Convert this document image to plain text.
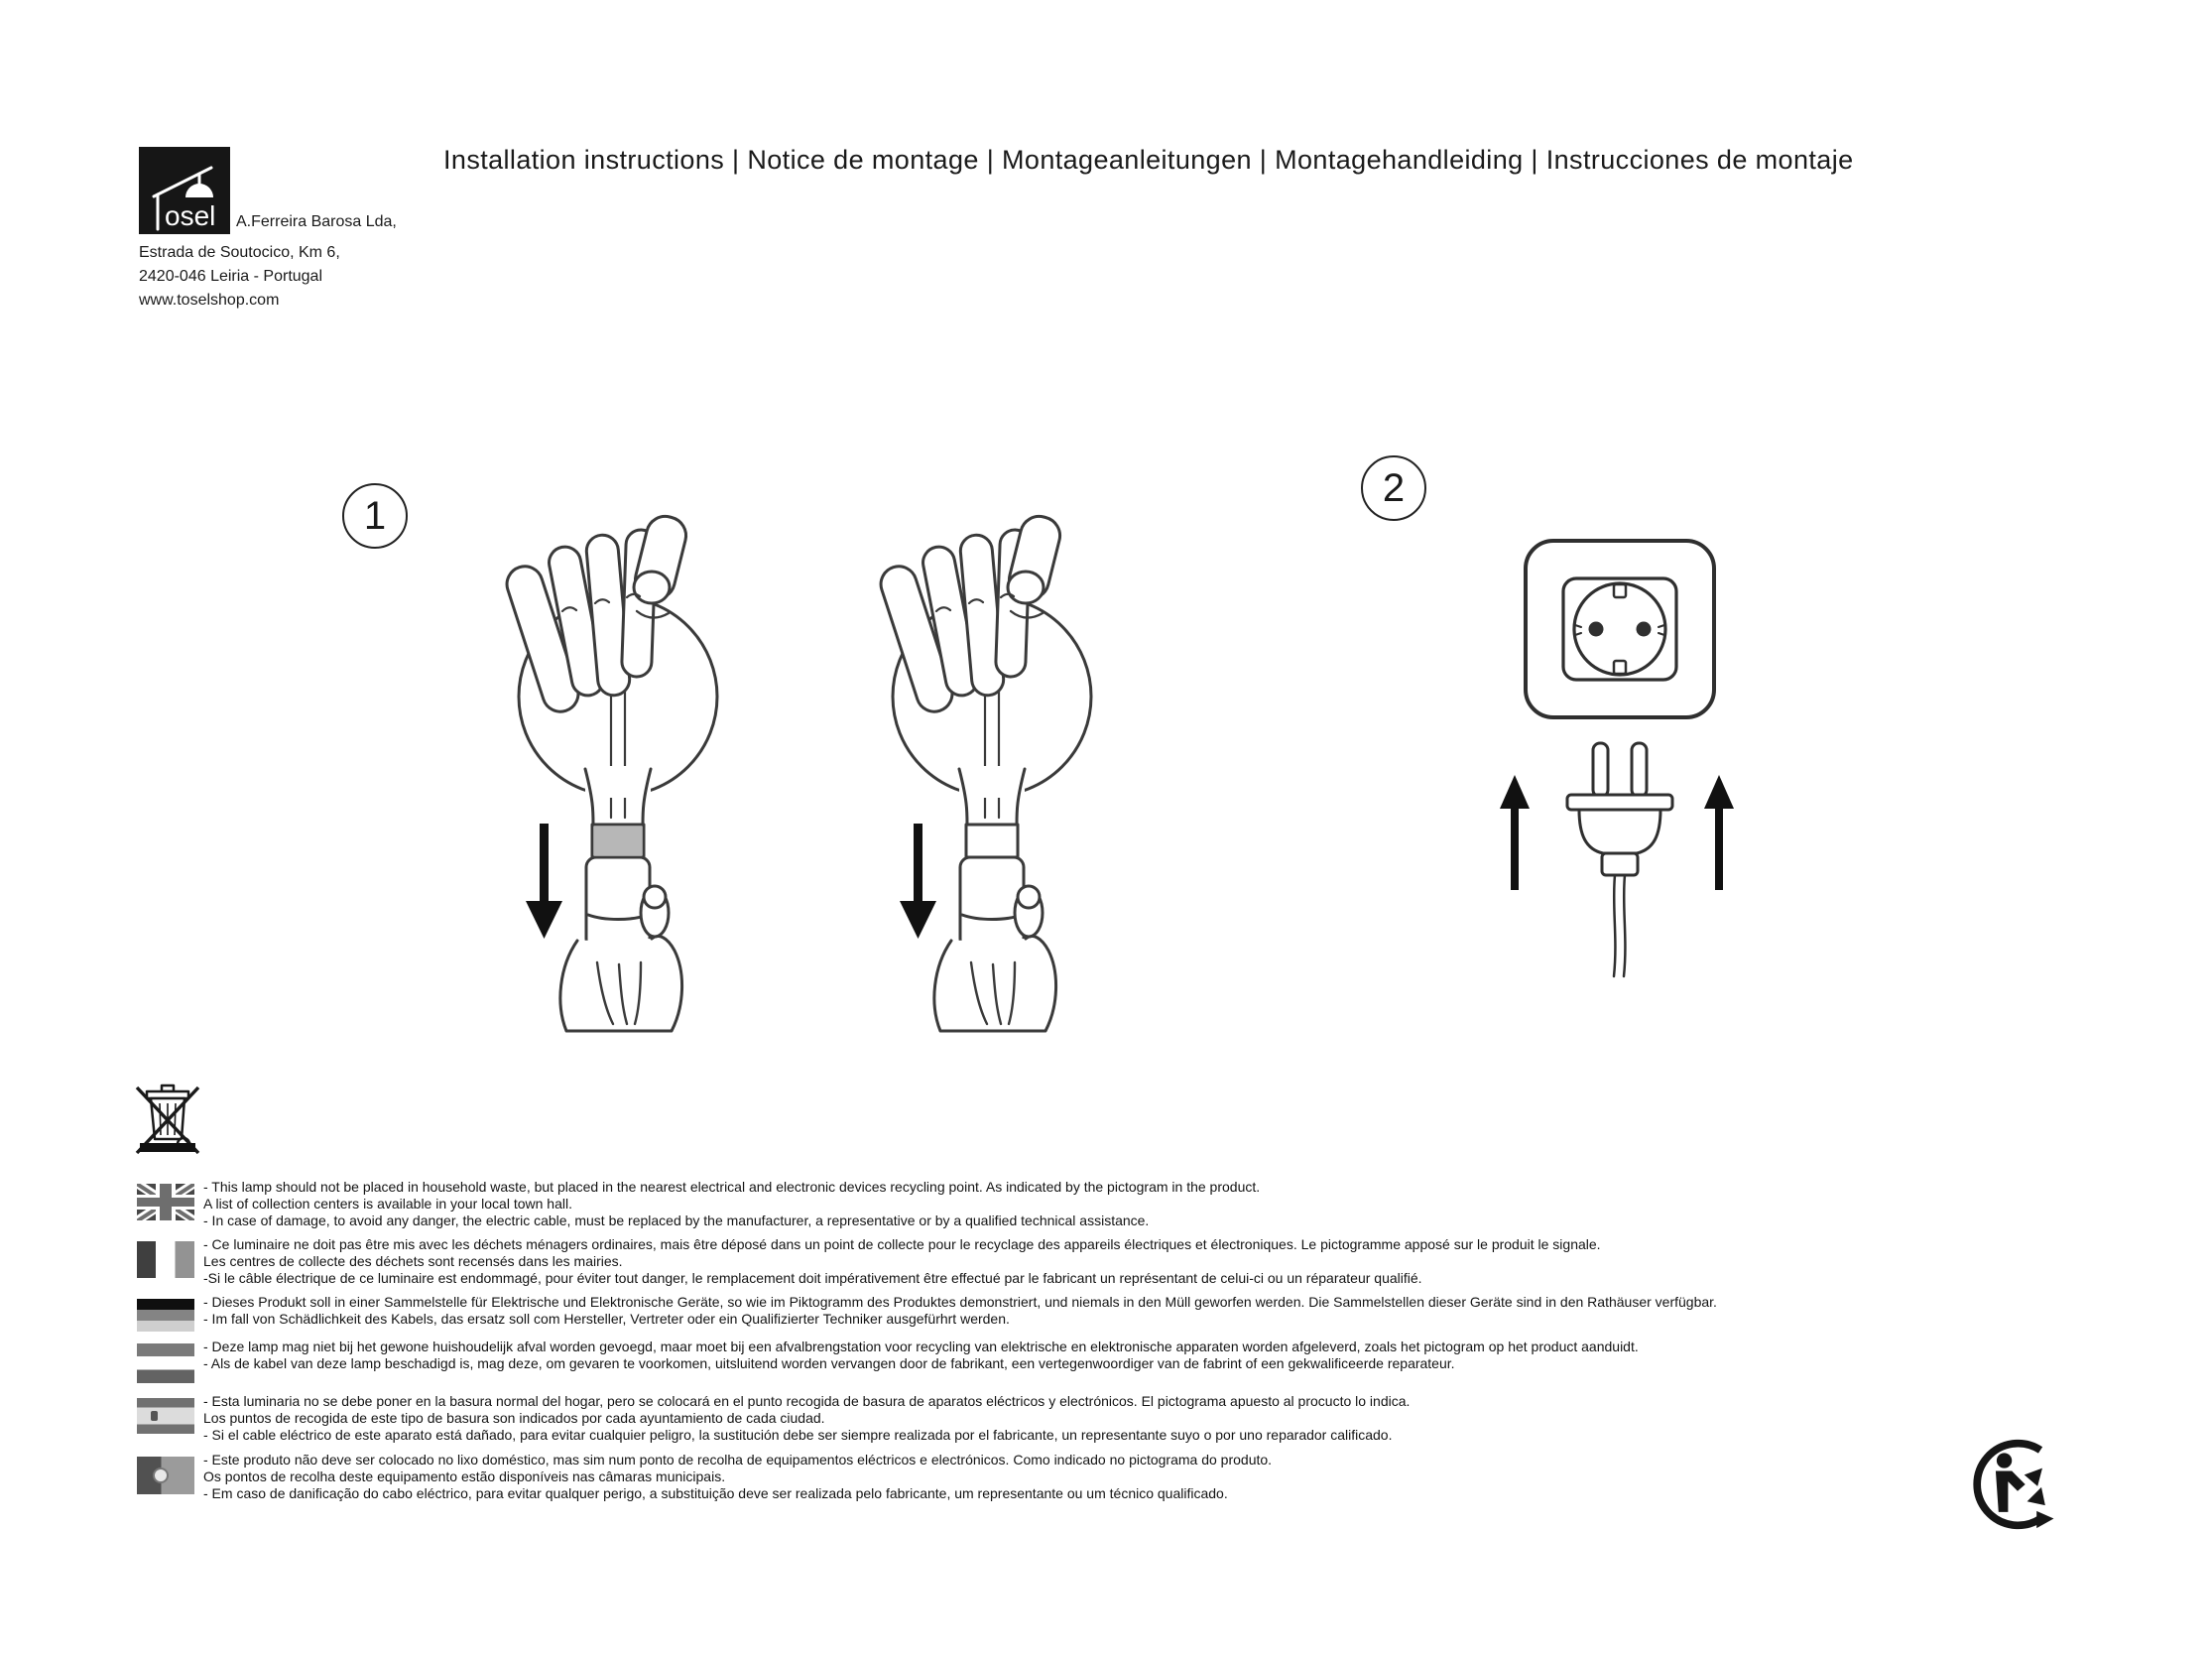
Installation instructions | Notice de montage | Montageanleitungen | Montagehandleiding | Instrucciones de montaje
osel A.Ferreira Barosa Lda,
Estrada de Soutocico, Km 6,
2420-046 Leiria - Portugal
www.toselshop.com
1
2
- This lamp should not be placed in household waste, but placed in the nearest electrical and electronic devices recycling point. As indicated by the pictogram in the product.
A list of collection centers is available in your local town hall.
- In case of damage, to avoid any danger, the electric cable, must be replaced by the manufacturer, a representative or by a qualified technical assistance.
- Ce luminaire ne doit pas être mis avec les déchets ménagers ordinaires, mais être déposé dans un point de collecte pour le recyclage des appareils électriques et électroniques. Le pictogramme apposé sur le produit le signale.
Les centres de collecte des déchets sont recensés dans les mairies.
-Si le câble électrique de ce luminaire est endommagé, pour éviter tout danger, le remplacement doit impérativement être effectué par le fabricant un représentant de celui-ci ou un réparateur qualifié.
- Dieses Produkt soll in einer Sammelstelle für Elektrische und Elektronische Geräte, so wie im Piktogramm des Produktes demonstriert, und niemals in den Müll geworfen werden. Die Sammelstellen dieser Geräte sind in den Rathäuser verfügbar.
- Im fall von Schädlichkeit des Kabels, das ersatz soll com Hersteller, Vertreter oder ein Qualifizierter Techniker ausgefürhrt werden.
- Deze lamp mag niet bij het gewone huishoudelijk afval worden gevoegd, maar moet bij een afvalbrengstation voor recycling van elektrische en elektronische apparaten worden afgeleverd, zoals het pictogram op het product aanduidt.
- Als de kabel van deze lamp beschadigd is, mag deze, om gevaren te voorkomen, uitsluitend worden vervangen door de fabrikant, een vertegenwoordiger van de fabrint of een gekwalificeerde reparateur.
- Esta luminaria no se debe poner en la basura normal del hogar, pero se colocará en el punto recogida de basura de aparatos eléctricos y electrónicos. El pictograma apuesto al procucto lo indica.
Los puntos de recogida de este tipo de basura son indicados por cada ayuntamiento de cada ciudad.
- Si el cable eléctrico de este aparato está dañado, para evitar cualquier peligro, la sustitución debe ser siempre realizada por el fabricante, un representante suyo o por uno reparador calificado.
- Este produto não deve ser colocado no lixo doméstico, mas sim num ponto de recolha de equipamentos eléctricos e electrónicos. Como indicado no pictograma do produto.
Os pontos de recolha deste equipamento estão disponíveis nas câmaras municipais.
- Em caso de danificação do cabo eléctrico, para evitar qualquer perigo, a substituição deve ser realizada pelo fabricante, um representante ou um técnico qualificado.
